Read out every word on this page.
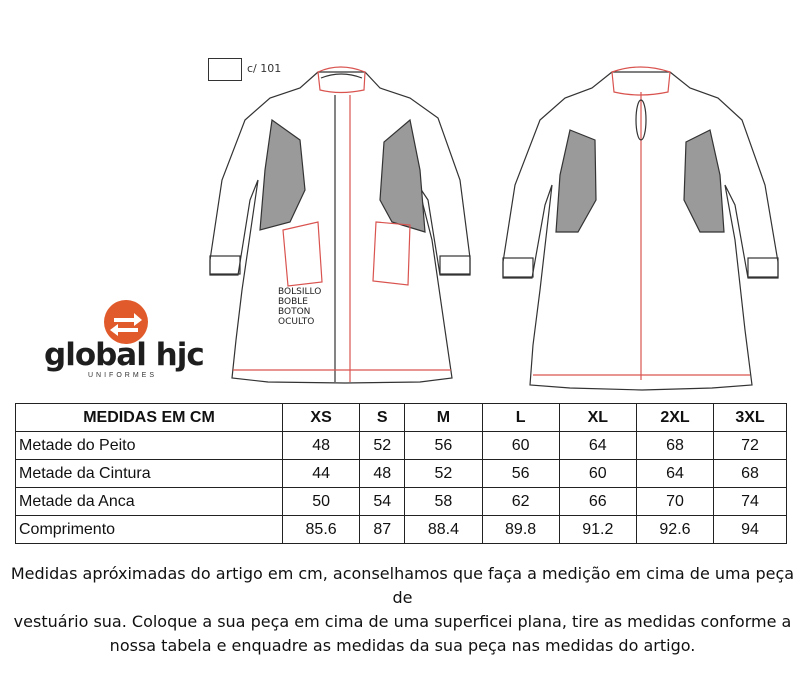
c/ 101
BOLSILLO
BOBLE
BOTON
OCULTO
global hjc
UNIFORMES
MEDIDAS EM CM	XS	S	M	L	XL	2XL	3XL
Metade do Peito	48	52	56	60	64	68	72
Metade da Cintura	44	48	52	56	60	64	68
Metade da Anca	50	54	58	62	66	70	74
Comprimento	85.6	87	88.4	89.8	91.2	92.6	94
Medidas apróximadas do artigo em cm, aconselhamos que faça a medição em cima de uma peça de
vestuário sua. Coloque a sua peça em cima de uma superficei plana, tire as medidas conforme a
nossa tabela e enquadre as medidas da sua peça nas medidas do artigo.
